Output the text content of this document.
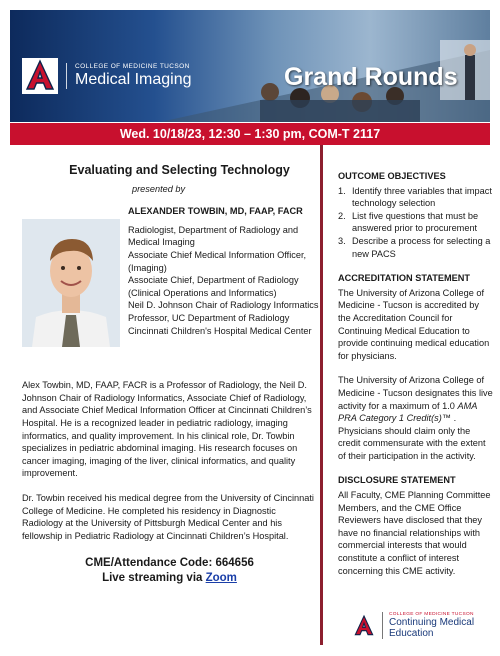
COLLEGE OF MEDICINE TUCSON
Medical Imaging	Grand Rounds
Wed. 10/18/23, 12:30 – 1:30 pm, COM-T 2117
Evaluating and Selecting Technology
presented by
ALEXANDER TOWBIN, MD, FAAP, FACR

Radiologist, Department of Radiology and Medical Imaging

Associate Chief Medical Information Officer, (Imaging)

Associate Chief, Department of Radiology (Clinical Operations and Informatics)

Neil D. Johnson Chair of Radiology Informatics

Professor, UC Department of Radiology

Cincinnati Children's Hospital Medical Center

Alex Towbin, MD, FAAP, FACR is a Professor of Radiology, the Neil D. Johnson Chair of Radiology Informatics, Associate Chief of Radiology, and Associate Chief Medical Information Officer at Cincinnati Children’s Hospital. He is a recognized leader in pediatric radiology, imaging informatics, and quality improvement. In his clinical role, Dr. Towbin specializes in pediatric abdominal imaging. His research focuses on cancer imaging, imaging of the liver, clinical informatics, and quality improvement.

Dr. Towbin received his medical degree from the University of Cincinnati College of Medicine. He completed his residency in Diagnostic Radiology at the University of Pittsburgh Medical Center and his fellowship in Pediatric Radiology at Cincinnati Children’s Hospital.

CME/Attendance Code: 664656
Live streaming via Zoom
OUTCOME OBJECTIVES
1. Identify three variables that impact technology selection
2. List five questions that must be answered prior to procurement
3. Describe a process for selecting a new PACS
ACCREDITATION STATEMENT

The University of Arizona College of Medicine - Tucson is accredited by the Accreditation Council for Continuing Medical Education to provide continuing medical education for physicians.

The University of Arizona College of Medicine - Tucson designates this live activity for a maximum of 1.0 AMA PRA Category 1 Credit(s)™ . Physicians should claim only the credit commensurate with the extent of their participation in the activity.

DISCLOSURE STATEMENT

All Faculty, CME Planning Committee Members, and the CME Office Reviewers have disclosed that they have no financial relationships with commercial interests that would constitute a conflict of interest concerning this CME activity.

COLLEGE OF MEDICINE TUCSON
Continuing Medical
Education
